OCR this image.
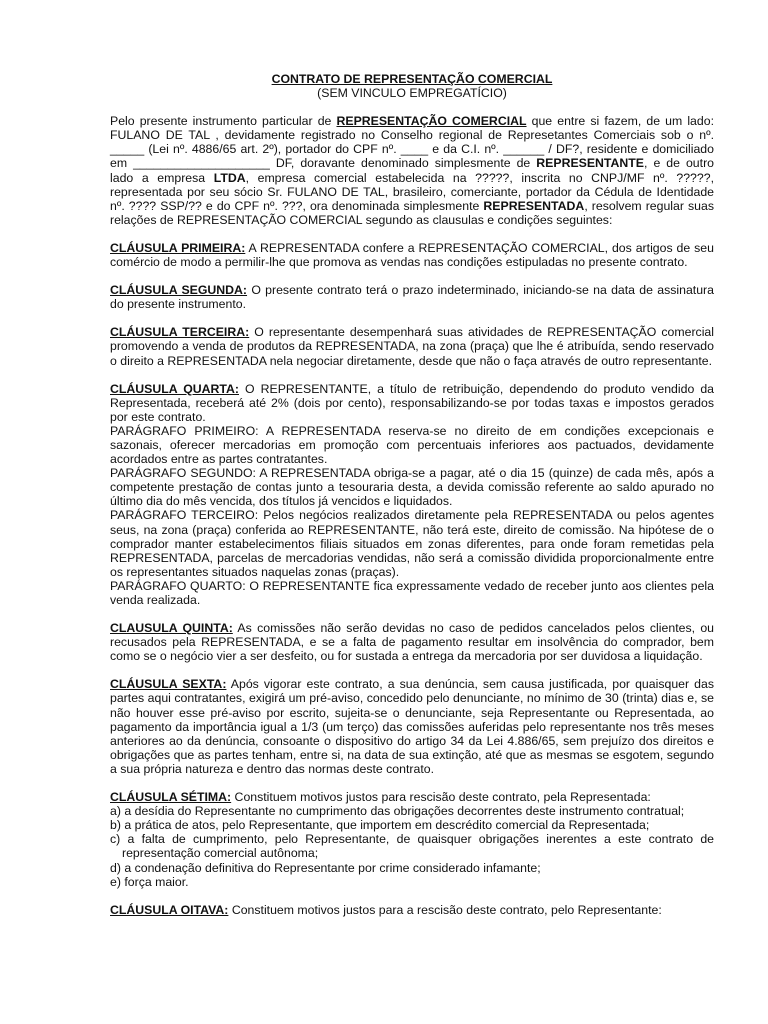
CONTRATO DE REPRESENTAÇÃO COMERCIAL

(SEM VINCULO EMPREGATÍCIO)

Pelo presente instrumento particular de REPRESENTAÇÃO COMERCIAL que entre si fazem, de um lado: FULANO DE TAL , devidamente registrado no Conselho regional de Represetantes Comerciais sob o nº. _____ (Lei nº. 4886/65 art. 2º), portador do CPF nº. ____ e da C.I. nº. ______ / DF?, residente e domiciliado em ____________________ DF, doravante denominado simplesmente de REPRESENTANTE, e de outro lado a empresa LTDA, empresa comercial estabelecida na ?????, inscrita no CNPJ/MF nº. ?????, representada por seu sócio Sr. FULANO DE TAL, brasileiro, comerciante, portador da Cédula de Identidade nº. ???? SSP/?? e do CPF nº. ???, ora denominada simplesmente REPRESENTADA, resolvem regular suas relações de REPRESENTAÇÃO COMERCIAL segundo as clausulas e condições seguintes:

CLÁUSULA PRIMEIRA: A REPRESENTADA confere a REPRESENTAÇÃO COMERCIAL, dos artigos de seu comércio de modo a permilir-lhe que promova as vendas nas condições estipuladas no presente contrato.

CLÁUSULA SEGUNDA: O presente contrato terá o prazo indeterminado, iniciando-se na data de assinatura do presente instrumento.

CLÁUSULA TERCEIRA: O representante desempenhará suas atividades de REPRESENTAÇÃO comercial promovendo a venda de produtos da REPRESENTADA, na zona (praça) que lhe é atribuída, sendo reservado o direito a REPRESENTADA nela negociar diretamente, desde que não o faça através de outro representante.

CLÁUSULA QUARTA: O REPRESENTANTE, a título de retribuição, dependendo do produto vendido da Representada, receberá até 2% (dois por cento), responsabilizando-se por todas taxas e impostos gerados por este contrato.

PARÁGRAFO PRIMEIRO: A REPRESENTADA reserva-se no direito de em condições excepcionais e sazonais, oferecer mercadorias em promoção com percentuais inferiores aos pactuados, devidamente acordados entre as partes contratantes.

PARÁGRAFO SEGUNDO: A REPRESENTADA obriga-se a pagar, até o dia 15 (quinze) de cada mês, após a competente prestação de contas junto a tesouraria desta, a devida comissão referente ao saldo apurado no último dia do mês vencida, dos títulos já vencidos e liquidados.

PARÁGRAFO TERCEIRO: Pelos negócios realizados diretamente pela REPRESENTADA ou pelos agentes seus, na zona (praça) conferida ao REPRESENTANTE, não terá este, direito de comissão. Na hipótese de o comprador manter estabelecimentos filiais situados em zonas diferentes, para onde foram remetidas pela REPRESENTADA, parcelas de mercadorias vendidas, não será a comissão dividida proporcionalmente entre os representantes situados naquelas zonas (praças).

PARÁGRAFO QUARTO: O REPRESENTANTE fica expressamente vedado de receber junto aos clientes pela venda realizada.

CLAUSULA QUINTA: As comissões não serão devidas no caso de pedidos cancelados pelos clientes, ou recusados pela REPRESENTADA, e se a falta de pagamento resultar em insolvência do comprador, bem como se o negócio vier a ser desfeito, ou for sustada a entrega da mercadoria por ser duvidosa a liquidação.

CLÁUSULA SEXTA: Após vigorar este contrato, a sua denúncia, sem causa justificada, por quaisquer das partes aqui contratantes, exigirá um pré-aviso, concedido pelo denunciante, no mínimo de 30 (trinta) dias e, se não houver esse pré-aviso por escrito, sujeita-se o denunciante, seja Representante ou Representada, ao pagamento da importância igual a 1/3 (um terço) das comissões auferidas pelo representante nos três meses anteriores ao da denúncia, consoante o dispositivo do artigo 34 da Lei 4.886/65, sem prejuízo dos direitos e obrigações que as partes tenham, entre si, na data de sua extinção, até que as mesmas se esgotem, segundo a sua própria natureza e dentro das normas deste contrato.

CLÁUSULA SÉTIMA: Constituem motivos justos para rescisão deste contrato, pela Representada:

a) a desídia do Representante no cumprimento das obrigações decorrentes deste instrumento contratual;

b) a prática de atos, pelo Representante, que importem em descrédito comercial da Representada;

c) a falta de cumprimento, pelo Representante, de quaisquer obrigações inerentes a este contrato de representação comercial autônoma;

d) a condenação definitiva do Representante por crime considerado infamante;

e) força maior.

CLÁUSULA OITAVA: Constituem motivos justos para a rescisão deste contrato, pelo Representante:
